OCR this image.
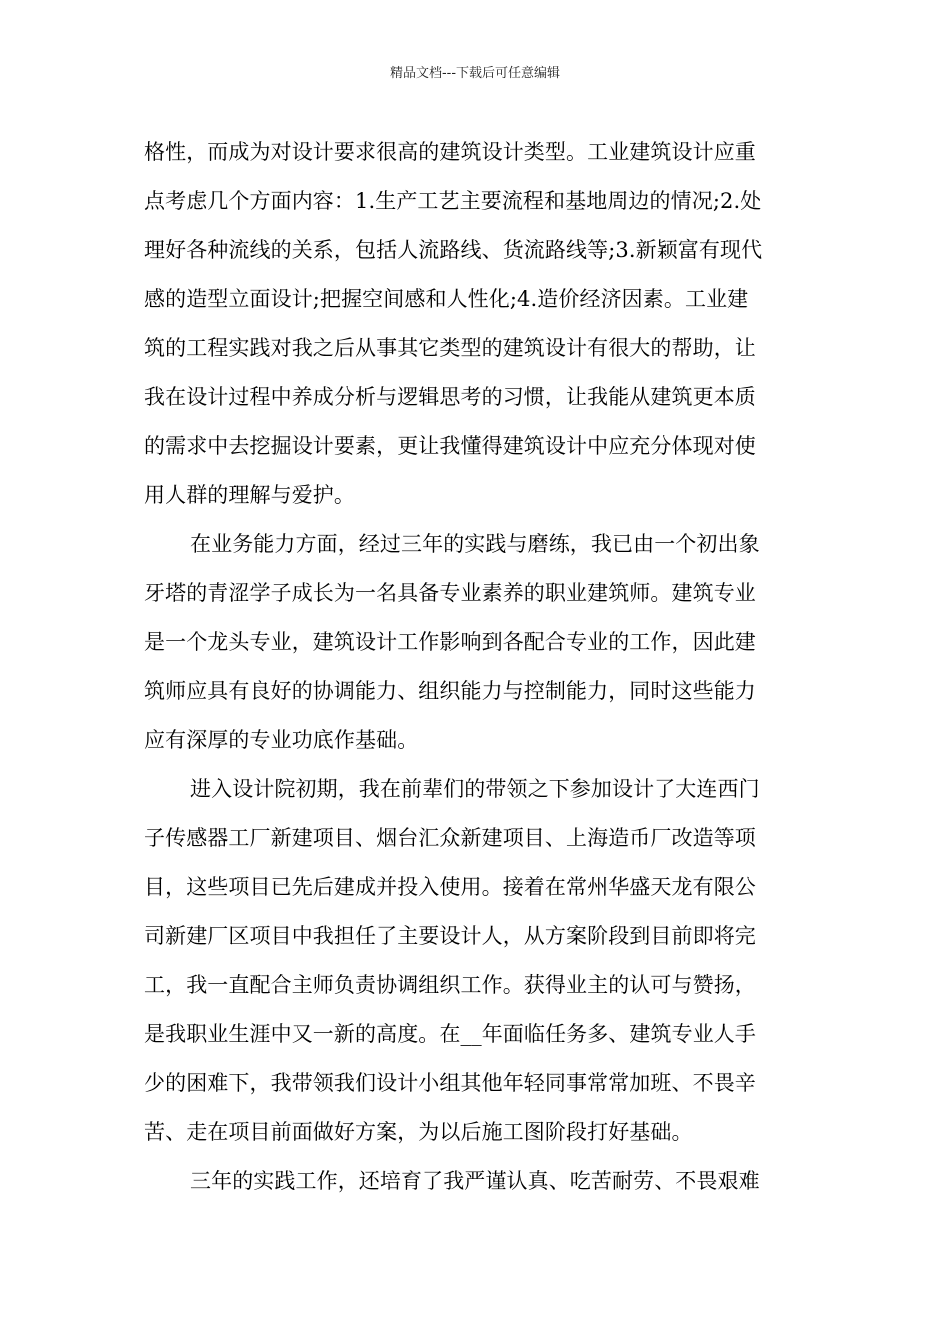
精品文档---下载后可任意编辑
格性，而成为对设计要求很高的建筑设计类型。工业建筑设计应重
点考虑几个方面内容：1.生产工艺主要流程和基地周边的情况;2.处
理好各种流线的关系，包括人流路线、货流路线等;3.新颖富有现代
感的造型立面设计;把握空间感和人性化;4.造价经济因素。工业建
筑的工程实践对我之后从事其它类型的建筑设计有很大的帮助，让
我在设计过程中养成分析与逻辑思考的习惯，让我能从建筑更本质
的需求中去挖掘设计要素，更让我懂得建筑设计中应充分体现对使
用人群的理解与爱护。
在业务能力方面，经过三年的实践与磨练，我已由一个初出象
牙塔的青涩学子成长为一名具备专业素养的职业建筑师。建筑专业
是一个龙头专业，建筑设计工作影响到各配合专业的工作，因此建
筑师应具有良好的协调能力、组织能力与控制能力，同时这些能力
应有深厚的专业功底作基础。
进入设计院初期，我在前辈们的带领之下参加设计了大连西门
子传感器工厂新建项目、烟台汇众新建项目、上海造币厂改造等项
目，这些项目已先后建成并投入使用。接着在常州华盛天龙有限公
司新建厂区项目中我担任了主要设计人，从方案阶段到目前即将完
工，我一直配合主师负责协调组织工作。获得业主的认可与赞扬，
是我职业生涯中又一新的高度。在__年面临任务多、建筑专业人手
少的困难下，我带领我们设计小组其他年轻同事常常加班、不畏辛
苦、走在项目前面做好方案，为以后施工图阶段打好基础。
三年的实践工作，还培育了我严谨认真、吃苦耐劳、不畏艰难
